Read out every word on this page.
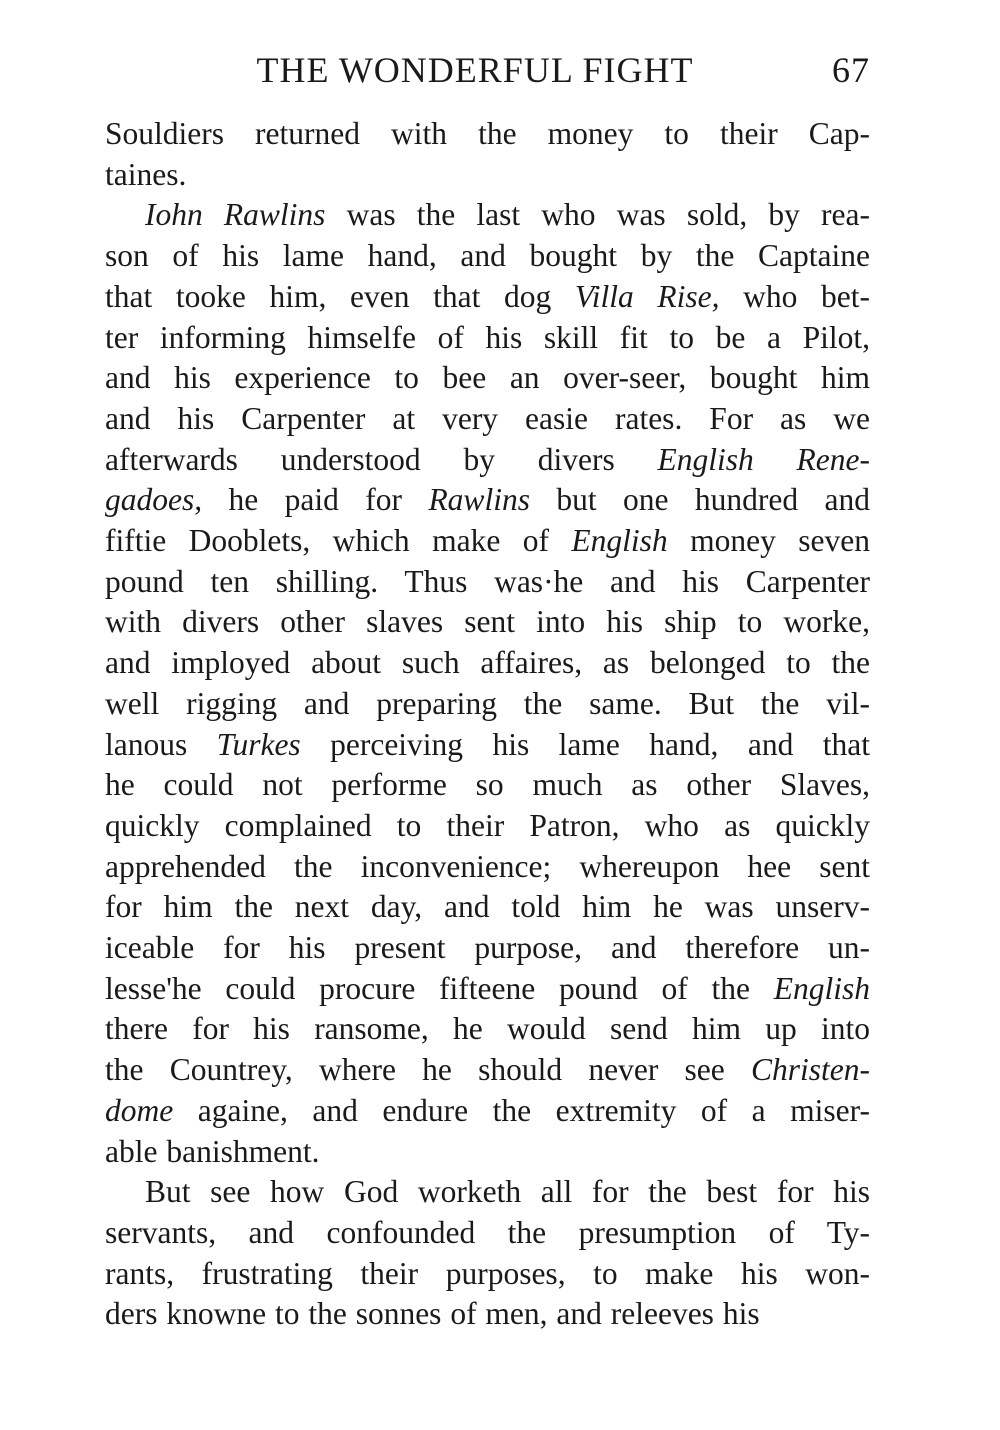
THE WONDERFUL FIGHT	67

Souldiers returned with the money to their Cap-
taines.

Iohn Rawlins was the last who was sold, by rea-
son of his lame hand, and bought by the Captaine
that tooke him, even that dog Villa Rise, who bet-
ter informing himselfe of his skill fit to be a Pilot,
and his experience to bee an over-seer, bought him
and his Carpenter at very easie rates. For as we
afterwards understood by divers English Rene-
gadoes, he paid for Rawlins but one hundred and
fiftie Dooblets, which make of English money seven
pound ten shilling. Thus was·he and his Carpenter
with divers other slaves sent into his ship to worke,
and imployed about such affaires, as belonged to the
well rigging and preparing the same. But the vil-
lanous Turkes perceiving his lame hand, and that
he could not performe so much as other Slaves,
quickly complained to their Patron, who as quickly
apprehended the inconvenience; whereupon hee sent
for him the next day, and told him he was unserv-
iceable for his present purpose, and therefore un-
lesse'he could procure fifteene pound of the English
there for his ransome, he would send him up into
the Countrey, where he should never see Christen-
dome againe, and endure the extremity of a miser-
able banishment.

But see how God worketh all for the best for his
servants, and confounded the presumption of Ty-
rants, frustrating their purposes, to make his won-
ders knowne to the sonnes of men, and releeves his
